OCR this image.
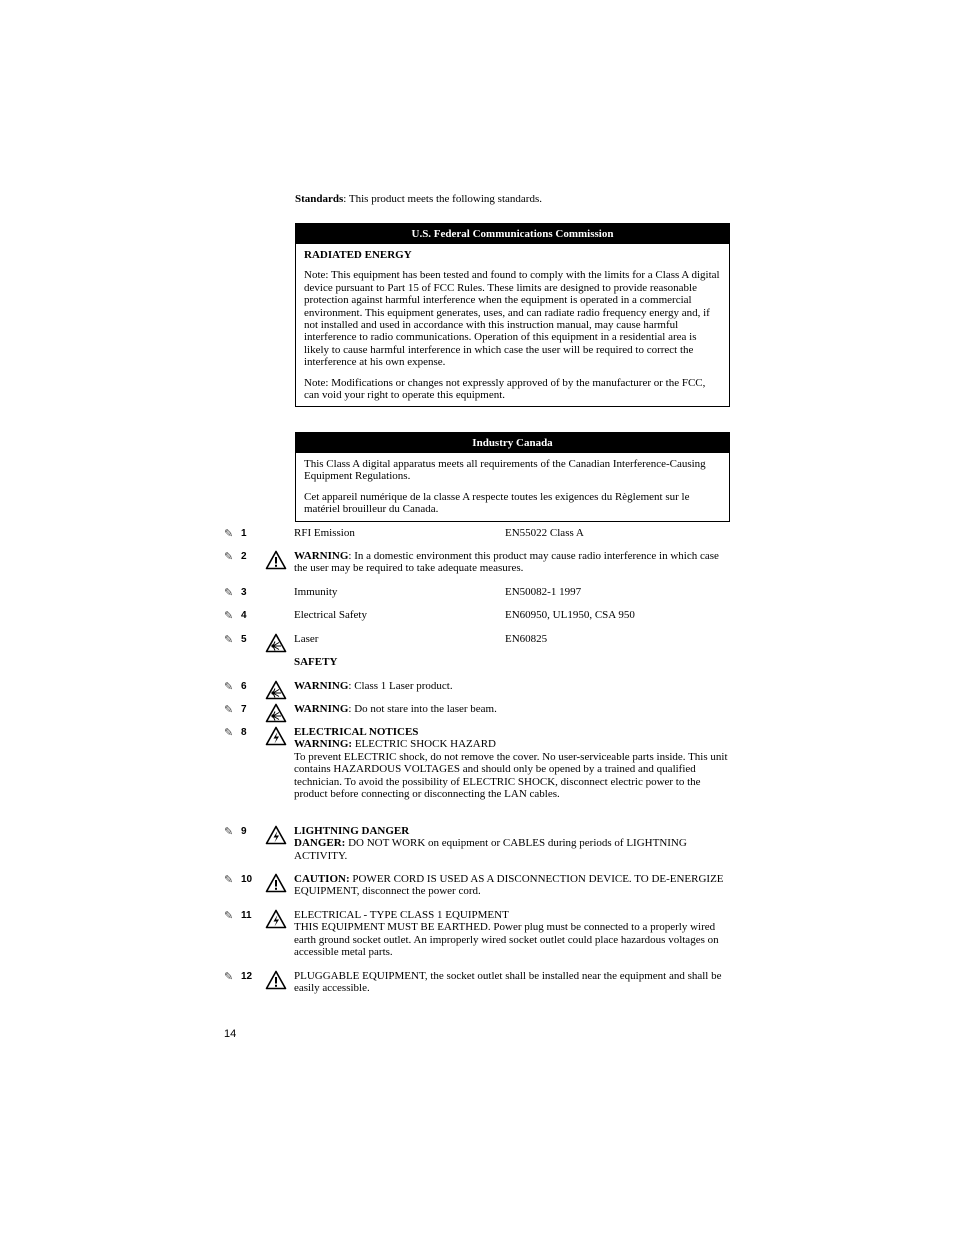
Standards: This product meets the following standards.
U.S. Federal Communications Commission
RADIATED ENERGY

Note: This equipment has been tested and found to comply with the limits for a Class A digital device pursuant to Part 15 of FCC Rules. These limits are designed to provide reasonable protection against harmful interference when the equipment is operated in a commercial environment. This equipment generates, uses, and can radiate radio frequency energy and, if not installed and used in accordance with this instruction manual, may cause harmful interference to radio communications. Operation of this equipment in a residential area is likely to cause harmful interference in which case the user will be required to correct the interference at his own expense.

Note: Modifications or changes not expressly approved of by the manufacturer or the FCC, can void your right to operate this equipment.

Industry Canada

This Class A digital apparatus meets all requirements of the Canadian Interference-Causing Equipment Regulations.

Cet appareil numérique de la classe A respecte toutes les exigences du Règlement sur le matériel brouilleur du Canada.

✎ 1	RFI Emission	EN55022 Class A
✎ 2	WARNING: In a domestic environment this product may cause radio interference in which case the user may be required to take adequate measures.
✎ 3	Immunity	EN50082-1 1997
✎ 4	Electrical Safety	EN60950, UL1950, CSA 950
✎ 5	Laser	EN60825
SAFETY
✎ 6	WARNING: Class 1 Laser product.
✎ 7	WARNING: Do not stare into the laser beam.
✎ 8	ELECTRICAL NOTICES
WARNING: ELECTRIC SHOCK HAZARD
To prevent ELECTRIC shock, do not remove the cover. No user-serviceable parts inside. This unit contains HAZARDOUS VOLTAGES and should only be opened by a trained and qualified technician. To avoid the possibility of ELECTRIC SHOCK, disconnect electric power to the product before connecting or disconnecting the LAN cables.
✎ 9	LIGHTNING DANGER
DANGER: DO NOT WORK on equipment or CABLES during periods of LIGHTNING ACTIVITY.
✎ 10	CAUTION: POWER CORD IS USED AS A DISCONNECTION DEVICE. TO DE-ENERGIZE EQUIPMENT, disconnect the power cord.
✎ 11	ELECTRICAL - TYPE CLASS 1 EQUIPMENT
THIS EQUIPMENT MUST BE EARTHED. Power plug must be connected to a properly wired earth ground socket outlet. An improperly wired socket outlet could place hazardous voltages on accessible metal parts.
✎ 12	PLUGGABLE EQUIPMENT, the socket outlet shall be installed near the equipment and shall be easily accessible.
14
